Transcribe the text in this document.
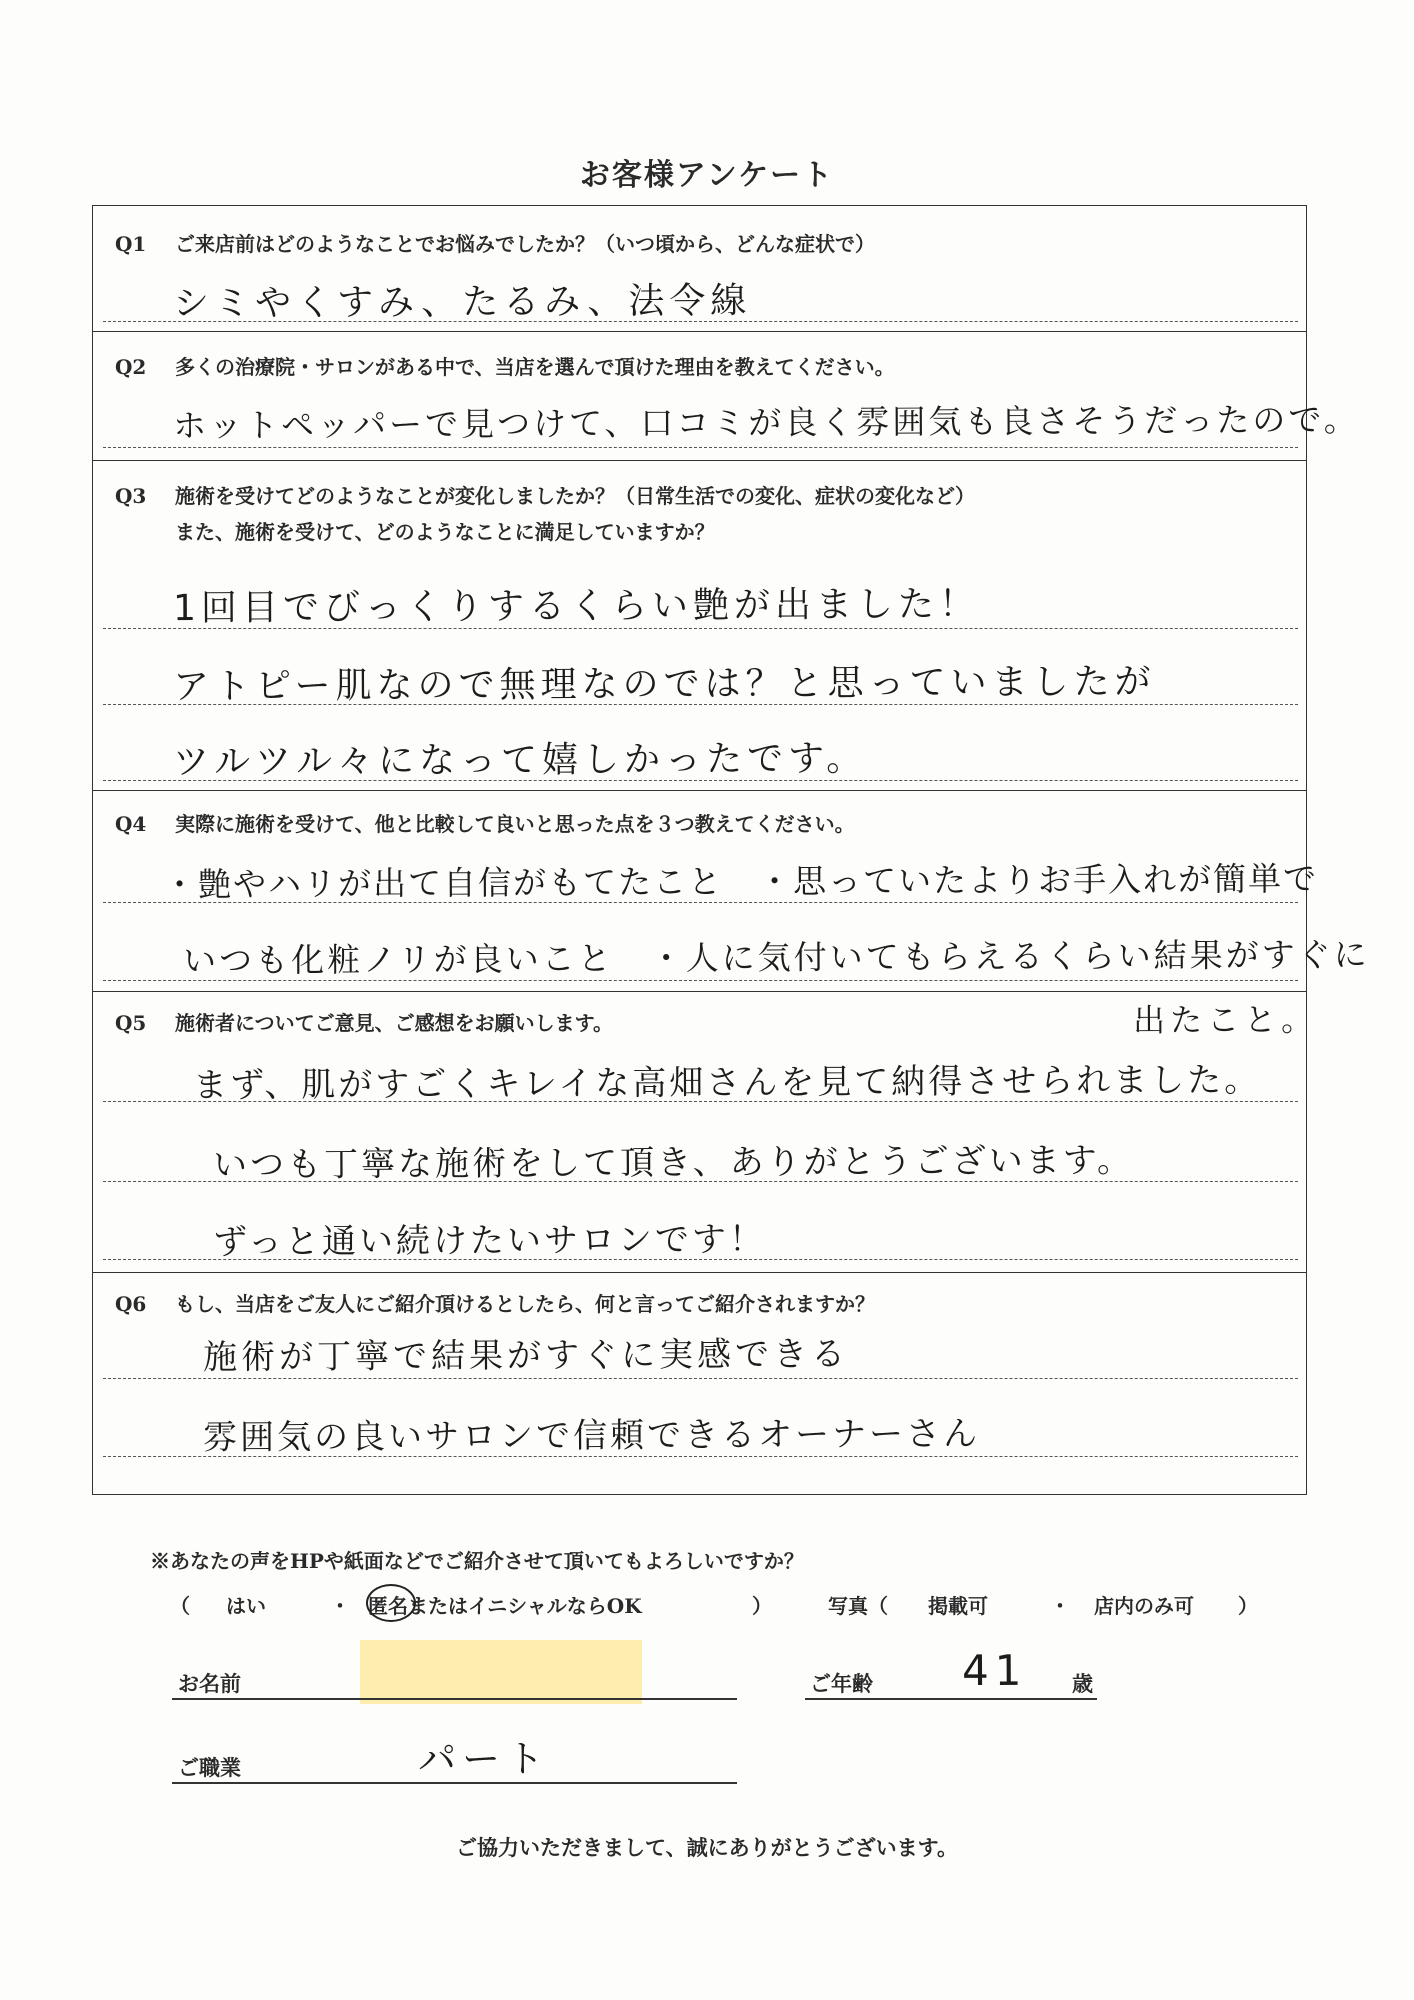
お客様アンケート
Q1 ご来店前はどのようなことでお悩みでしたか？（いつ頃から、どんな症状で）
シミやくすみ、たるみ、法令線
Q2 多くの治療院・サロンがある中で、当店を選んで頂けた理由を教えてください。
ホットペッパーで見つけて、口コミが良く雰囲気も良さそうだったので。
Q3 施術を受けてどのようなことが変化しましたか？（日常生活での変化、症状の変化など）
また、施術を受けて、どのようなことに満足していますか？
1回目でびっくりするくらい艶が出ました！
アトピー肌なので無理なのでは？と思っていましたが
ツルツル々になって嬉しかったです。
Q4 実際に施術を受けて、他と比較して良いと思った点を３つ教えてください。
・艶やハリが出て自信がもてたこと　・思っていたよりお手入れが簡単で
いつも化粧ノリが良いこと　・人に気付いてもらえるくらい結果がすぐに
Q5 施術者についてご意見、ご感想をお願いします。	出たこと。
まず、肌がすごくキレイな高畑さんを見て納得させられました。
いつも丁寧な施術をして頂き、ありがとうございます。
ずっと通い続けたいサロンです！
Q6 もし、当店をご友人にご紹介頂けるとしたら、何と言ってご紹介されますか？
施術が丁寧で結果がすぐに実感できる
雰囲気の良いサロンで信頼できるオーナーさん
※あなたの声をHPや紙面などでご紹介させて頂いてもよろしいですか？
（ はい	・ 匿名またはイニシャルならOK	）	写真（ 掲載可	・ 店内のみ可 ）
お名前	ご年齢 41 歳
ご職業	パート
ご協力いただきまして、誠にありがとうございます。
